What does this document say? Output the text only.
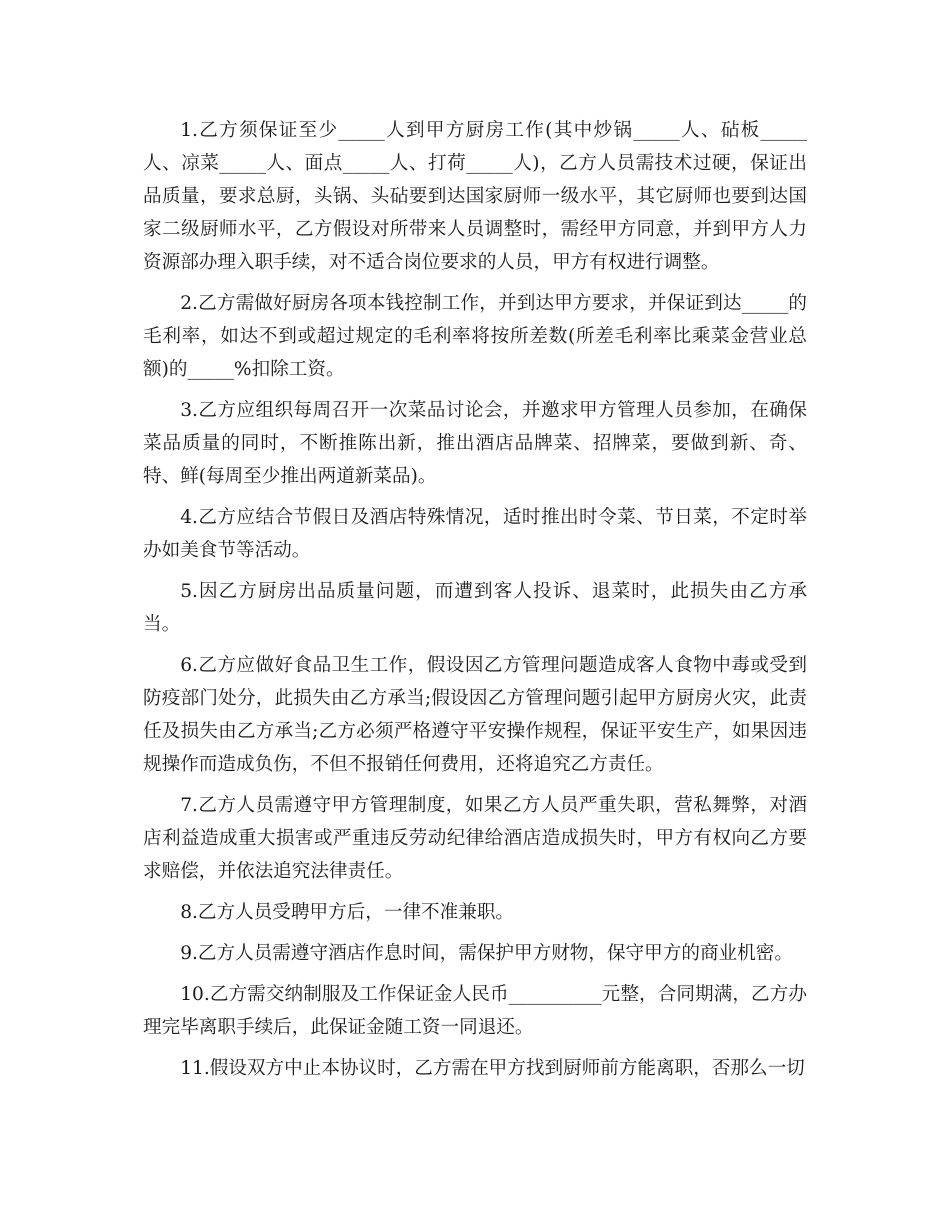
1.乙方须保证至少_____人到甲方厨房工作(其中炒锅_____人、砧板_____人、凉菜_____人、面点_____人、打荷_____人)，乙方人员需技术过硬，保证出品质量，要求总厨，头锅、头砧要到达国家厨师一级水平，其它厨师也要到达国家二级厨师水平，乙方假设对所带来人员调整时，需经甲方同意，并到甲方人力资源部办理入职手续，对不适合岗位要求的人员，甲方有权进行调整。

2.乙方需做好厨房各项本钱控制工作，并到达甲方要求，并保证到达_____的毛利率，如达不到或超过规定的毛利率将按所差数(所差毛利率比乘菜金营业总额)的_____%扣除工资。

3.乙方应组织每周召开一次菜品讨论会，并邀求甲方管理人员参加，在确保菜品质量的同时，不断推陈出新，推出酒店品牌菜、招牌菜，要做到新、奇、特、鲜(每周至少推出两道新菜品)。

4.乙方应结合节假日及酒店特殊情况，适时推出时令菜、节日菜，不定时举办如美食节等活动。

5.因乙方厨房出品质量问题，而遭到客人投诉、退菜时，此损失由乙方承当。

6.乙方应做好食品卫生工作，假设因乙方管理问题造成客人食物中毒或受到防疫部门处分，此损失由乙方承当;假设因乙方管理问题引起甲方厨房火灾，此责任及损失由乙方承当;乙方必须严格遵守平安操作规程，保证平安生产，如果因违规操作而造成负伤，不但不报销任何费用，还将追究乙方责任。

7.乙方人员需遵守甲方管理制度，如果乙方人员严重失职，营私舞弊，对酒店利益造成重大损害或严重违反劳动纪律给酒店造成损失时，甲方有权向乙方要求赔偿，并依法追究法律责任。

8.乙方人员受聘甲方后，一律不准兼职。

9.乙方人员需遵守酒店作息时间，需保护甲方财物，保守甲方的商业机密。

10.乙方需交纳制服及工作保证金人民币__________元整，合同期满，乙方办理完毕离职手续后，此保证金随工资一同退还。

11.假设双方中止本协议时，乙方需在甲方找到厨师前方能离职，否那么一切
